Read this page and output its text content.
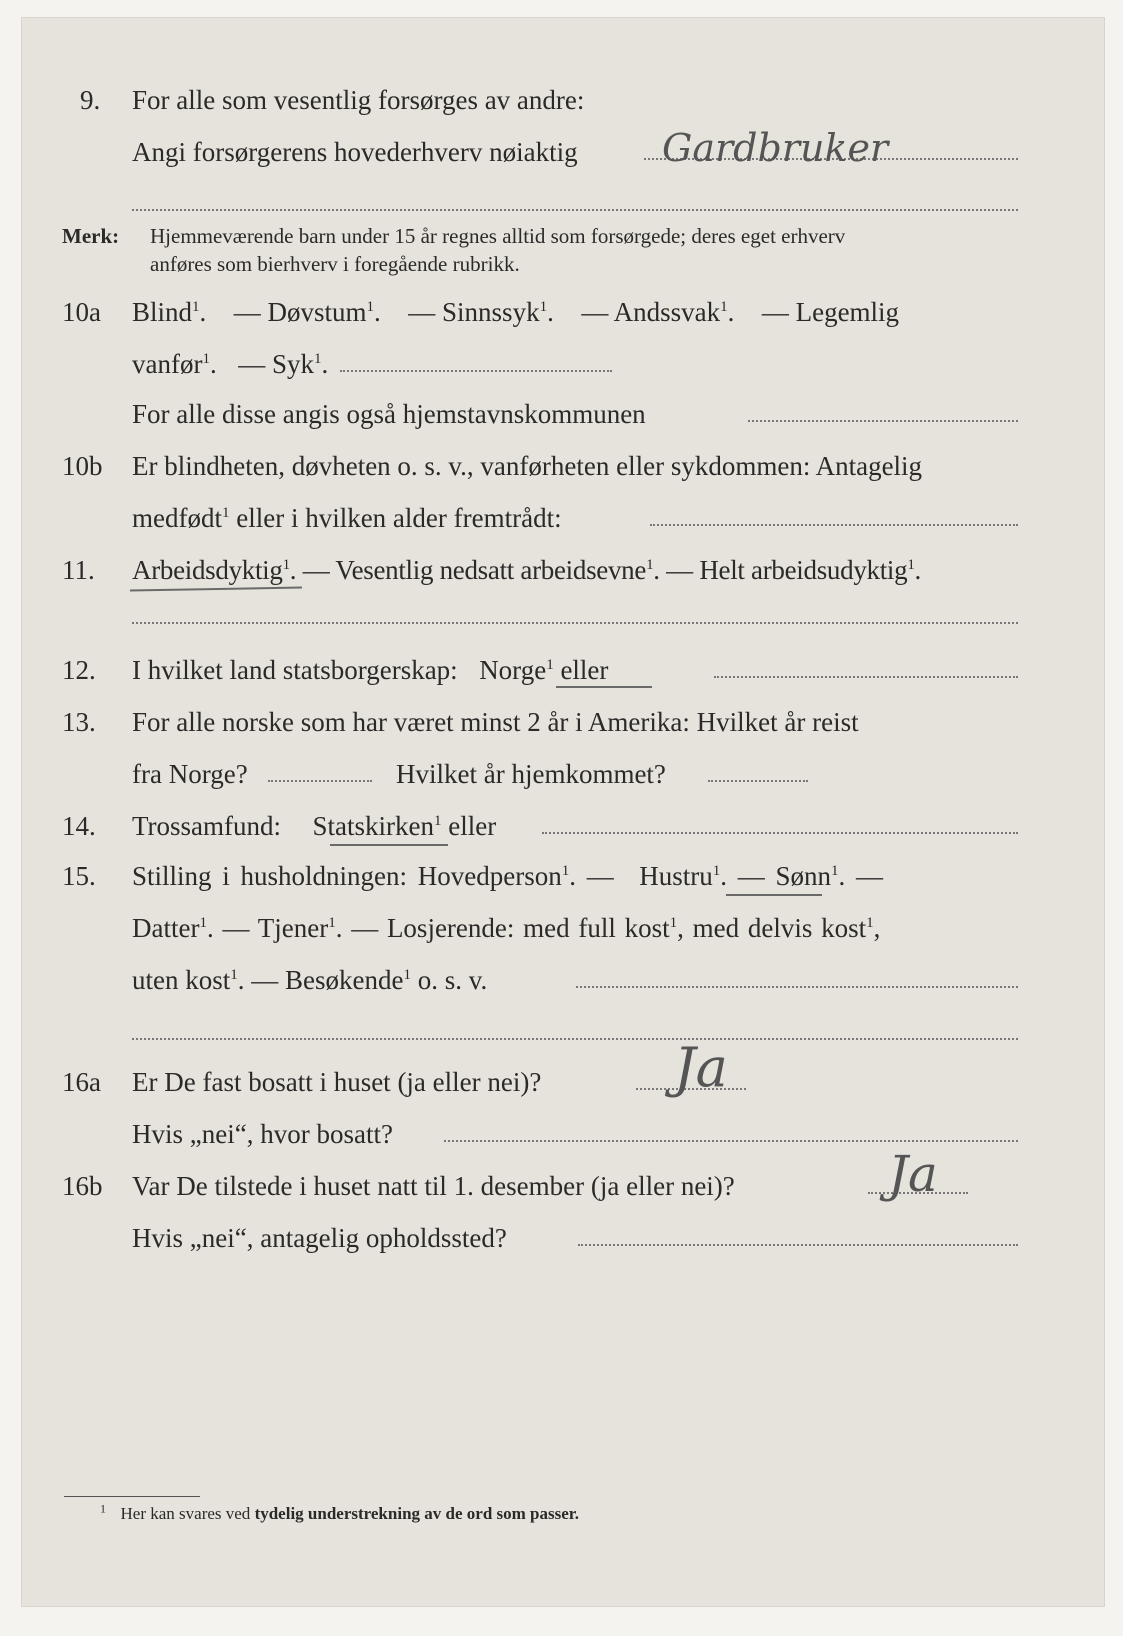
9. For alle som vesentlig forsørges av andre:
Angi forsørgerens hovederhverv nøiaktig Gardbruker
Merk: Hjemmeværende barn under 15 år regnes alltid som forsørgede; deres eget erhverv
anføres som bierhverv i foregående rubrikk.
10a Blind$^1$.  — Døvstum$^1$.  — Sinnssyk$^1$.  — Andssvak$^1$.  — Legemlig
vanfør$^1$.  — Syk$^1$.
For alle disse angis også hjemstavnskommunen
10b Er blindheten, døvheten o. s. v., vanførheten eller sykdommen: Antagelig
medfødt$^1$ eller i hvilken alder fremtrådt:
11. Arbeidsdyktig$^1$. — Vesentlig nedsatt arbeidsevne$^1$. — Helt arbeidsudyktig$^1$.
12. I hvilket land statsborgerskap: Norge$^1$ eller
13. For alle norske som har været minst 2 år i Amerika: Hvilket år reist
fra Norge?	Hvilket år hjemkommet?
14. Trossamfund: Statskirken$^1$ eller
15. Stilling i husholdningen: Hovedperson$^1$. — Hustru$^1$. — Sønn$^1$. —
Datter$^1$. — Tjener$^1$. — Losjerende: med full kost$^1$, med delvis kost$^1$,
uten kost$^1$. — Besøkende$^1$ o. s. v.
16a Er De fast bosatt i huset (ja eller nei)? Ja
Hvis „nei“, hvor bosatt?
16b Var De tilstede i huset natt til 1. desember (ja eller nei)?	Ja
Hvis „nei“, antagelig opholdssted?
$^1$ Her kan svares ved tydelig understrekning av de ord som passer.
